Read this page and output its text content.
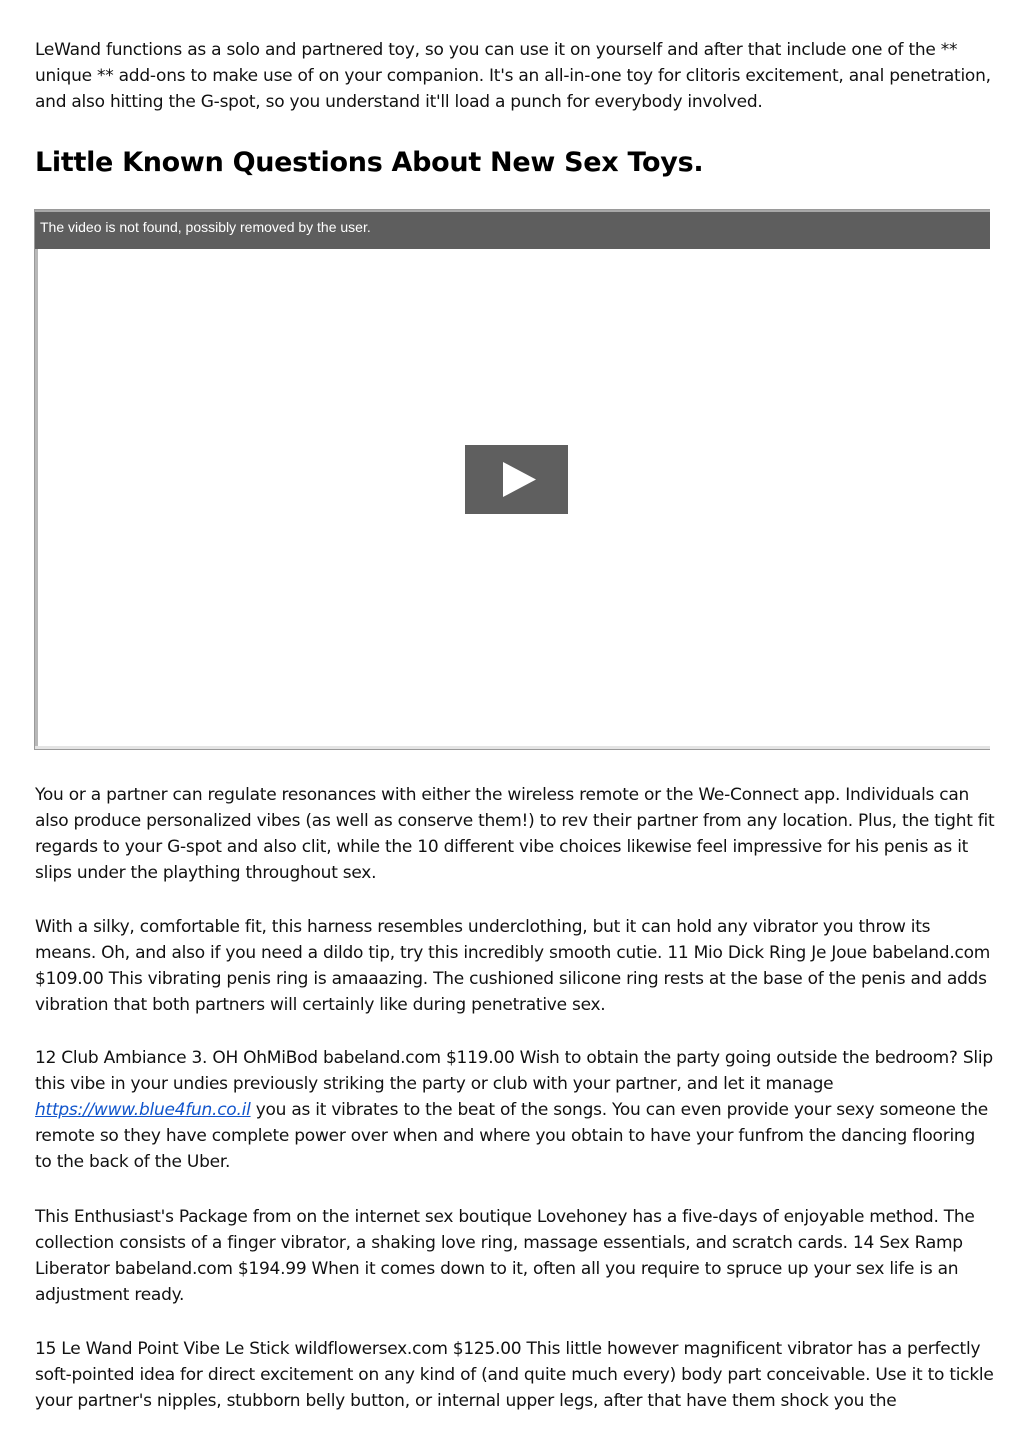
LeWand functions as a solo and partnered toy, so you can use it on yourself and after that include one of the ** unique ** add-ons to make use of on your companion. It's an all-in-one toy for clitoris excitement, anal penetration, and also hitting the G-spot, so you understand it'll load a punch for everybody involved.

Little Known Questions About New Sex Toys.
The video is not found, possibly removed by the user.

You or a partner can regulate resonances with either the wireless remote or the We-Connect app. Individuals can also produce personalized vibes (as well as conserve them!) to rev their partner from any location. Plus, the tight fit regards to your G-spot and also clit, while the 10 different vibe choices likewise feel impressive for his penis as it slips under the plaything throughout sex.

With a silky, comfortable fit, this harness resembles underclothing, but it can hold any vibrator you throw its means. Oh, and also if you need a dildo tip, try this incredibly smooth cutie. 11 Mio Dick Ring Je Joue babeland.com $109.00 This vibrating penis ring is amaaazing. The cushioned silicone ring rests at the base of the penis and adds vibration that both partners will certainly like during penetrative sex.

12 Club Ambiance 3. OH OhMiBod babeland.com $119.00 Wish to obtain the party going outside the bedroom? Slip this vibe in your undies previously striking the party or club with your partner, and let it manage https://www.blue4fun.co.il you as it vibrates to the beat of the songs. You can even provide your sexy someone the remote so they have complete power over when and where you obtain to have your funfrom the dancing flooring to the back of the Uber.

This Enthusiast's Package from on the internet sex boutique Lovehoney has a five-days of enjoyable method. The collection consists of a finger vibrator, a shaking love ring, massage essentials, and scratch cards. 14 Sex Ramp Liberator babeland.com $194.99 When it comes down to it, often all you require to spruce up your sex life is an adjustment ready.

15 Le Wand Point Vibe Le Stick wildflowersex.com $125.00 This little however magnificent vibrator has a perfectly soft-pointed idea for direct excitement on any kind of (and quite much every) body part conceivable. Use it to tickle your partner's nipples, stubborn belly button, or internal upper legs, after that have them shock you the
